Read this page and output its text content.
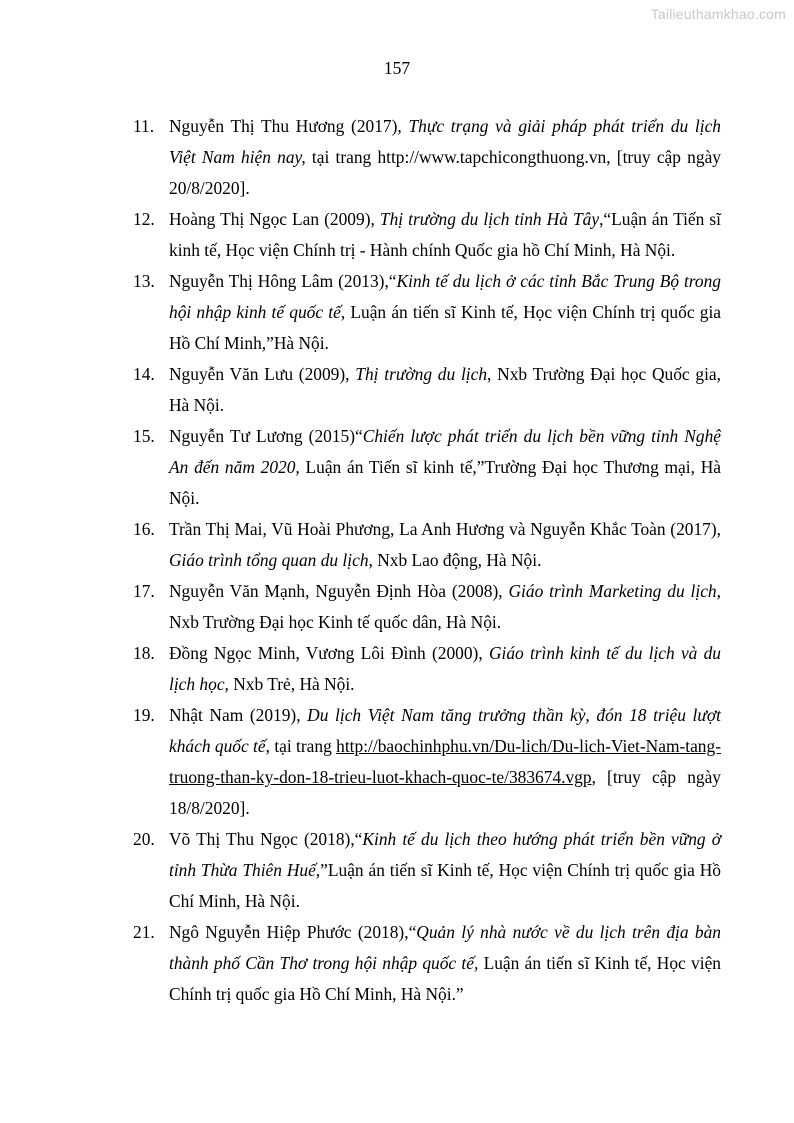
Tailieuthamkhao.com
157
11. Nguyễn Thị Thu Hương (2017), Thực trạng và giải pháp phát triển du lịch Việt Nam hiện nay, tại trang http://www.tapchicongthuong.vn, [truy cập ngày 20/8/2020].
12. Hoàng Thị Ngọc Lan (2009), Thị trường du lịch tỉnh Hà Tây,“Luận án Tiến sĩ kinh tế, Học viện Chính trị - Hành chính Quốc gia hồ Chí Minh, Hà Nội.
13. Nguyễn Thị Hông Lâm (2013),“Kinh tế du lịch ở các tỉnh Bắc Trung Bộ trong hội nhập kinh tế quốc tế, Luận án tiến sĩ Kinh tế, Học viện Chính trị quốc gia Hồ Chí Minh,”Hà Nội.
14. Nguyễn Văn Lưu (2009), Thị trường du lịch, Nxb Trường Đại học Quốc gia, Hà Nội.
15. Nguyễn Tư Lương (2015)“Chiến lược phát triển du lịch bền vững tỉnh Nghệ An đến năm 2020, Luận án Tiến sĩ kinh tế,”Trường Đại học Thương mại, Hà Nội.
16. Trần Thị Mai, Vũ Hoài Phương, La Anh Hương và Nguyễn Khắc Toàn (2017), Giáo trình tổng quan du lịch, Nxb Lao động, Hà Nội.
17. Nguyễn Văn Mạnh, Nguyễn Định Hòa (2008), Giáo trình Marketing du lịch, Nxb Trường Đại học Kinh tế quốc dân, Hà Nội.
18. Đồng Ngọc Minh, Vương Lôi Đình (2000), Giáo trình kinh tế du lịch và du lịch học, Nxb Trẻ, Hà Nội.
19. Nhật Nam (2019), Du lịch Việt Nam tăng trưởng thần kỳ, đón 18 triệu lượt khách quốc tế, tại trang http://baochinhphu.vn/Du-lich/Du-lich-Viet-Nam-tang-truong-than-ky-don-18-trieu-luot-khach-quoc-te/383674.vgp, [truy cập ngày 18/8/2020].
20. Võ Thị Thu Ngọc (2018),“Kinh tế du lịch theo hướng phát triển bền vững ở tỉnh Thừa Thiên Huế,”Luận án tiến sĩ Kinh tế, Học viện Chính trị quốc gia Hồ Chí Minh, Hà Nội.
21. Ngô Nguyễn Hiệp Phước (2018),“Quản lý nhà nước về du lịch trên địa bàn thành phố Cần Thơ trong hội nhập quốc tế, Luận án tiến sĩ Kinh tế, Học viện Chính trị quốc gia Hồ Chí Minh, Hà Nội.”
